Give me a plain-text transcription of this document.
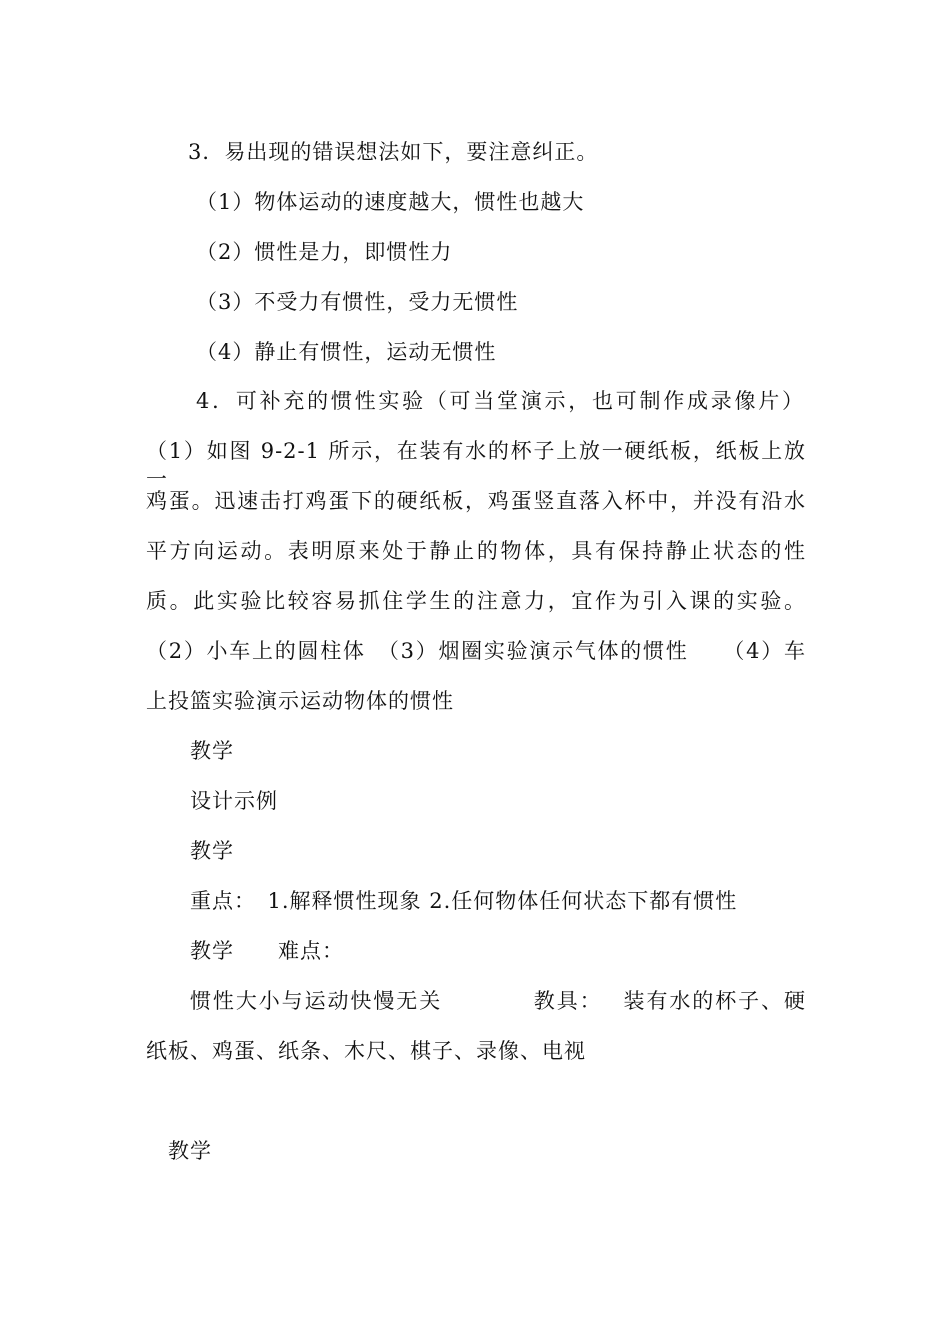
3．易出现的错误想法如下，要注意纠正。
（1）物体运动的速度越大，惯性也越大
（2）惯性是力，即惯性力
（3）不受力有惯性，受力无惯性
（4）静止有惯性，运动无惯性
4．可补充的惯性实验（可当堂演示，也可制作成录像片）
（1）如图 9-2-1 所示，在装有水的杯子上放一硬纸板，纸板上放一
鸡蛋。迅速击打鸡蛋下的硬纸板，鸡蛋竖直落入杯中，并没有沿水
平方向运动。表明原来处于静止的物体，具有保持静止状态的性
质。此实验比较容易抓住学生的注意力，宜作为引入课的实验。
（2）小车上的圆柱体　（3）烟圈实验演示气体的惯性　　（4）车
上投篮实验演示运动物体的惯性
教学
设计示例
教学
重点：　1.解释惯性现象 2.任何物体任何状态下都有惯性
教学　　难点：
惯性大小与运动快慢无关　　　　教具：　 装有水的杯子、硬
纸板、鸡蛋、纸条、木尺、棋子、录像、电视
教学
